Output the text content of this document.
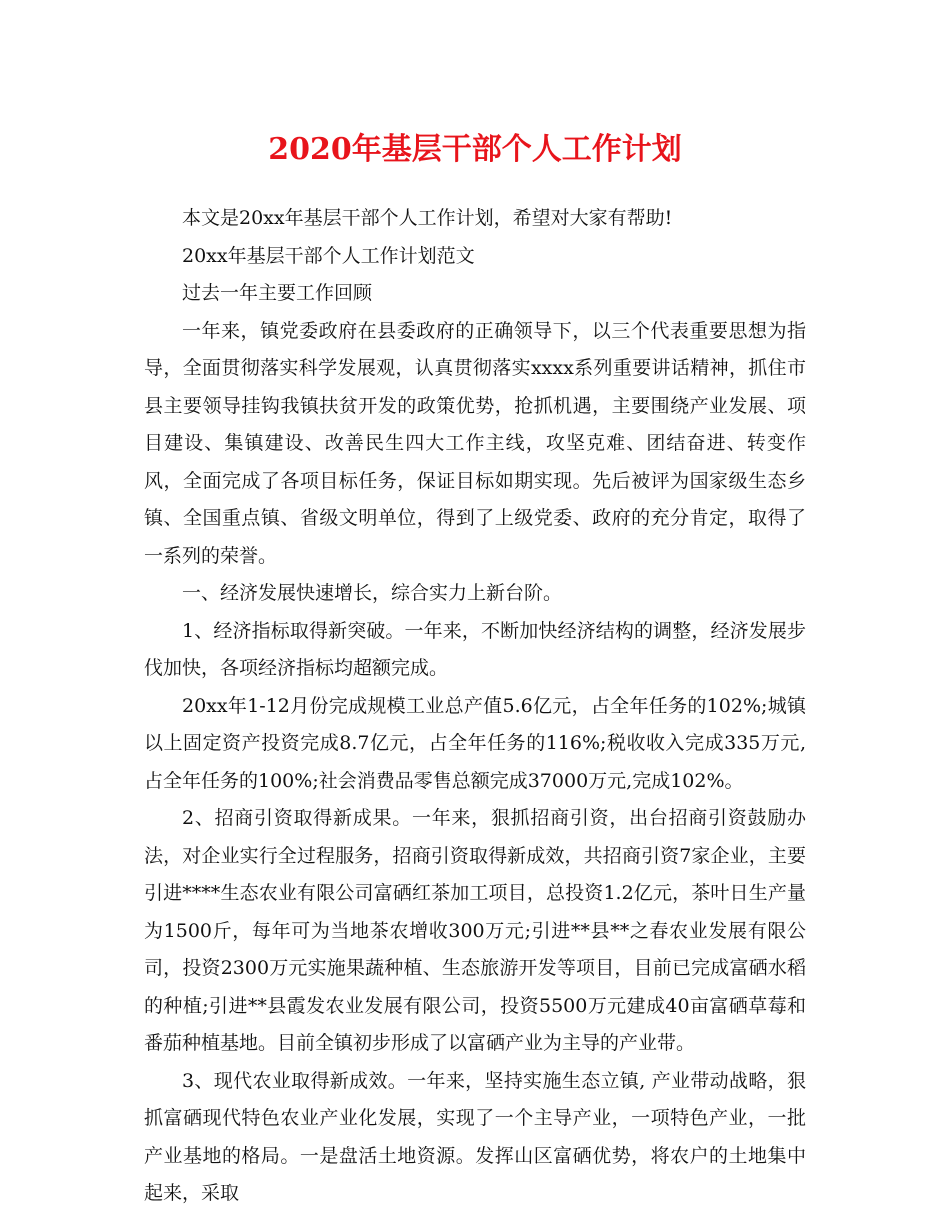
2020年基层干部个人工作计划

本文是20xx年基层干部个人工作计划，希望对大家有帮助!

20xx年基层干部个人工作计划范文

过去一年主要工作回顾

一年来，镇党委政府在县委政府的正确领导下，以三个代表重要思想为指导，全面贯彻落实科学发展观，认真贯彻落实xxxx系列重要讲话精神，抓住市县主要领导挂钩我镇扶贫开发的政策优势，抢抓机遇，主要围绕产业发展、项目建设、集镇建设、改善民生四大工作主线，攻坚克难、团结奋进、转变作风，全面完成了各项目标任务，保证目标如期实现。先后被评为国家级生态乡镇、全国重点镇、省级文明单位，得到了上级党委、政府的充分肯定，取得了一系列的荣誉。

一、经济发展快速增长，综合实力上新台阶。

1、经济指标取得新突破。一年来，不断加快经济结构的调整，经济发展步伐加快，各项经济指标均超额完成。

20xx年1-12月份完成规模工业总产值5.6亿元，占全年任务的102%;城镇以上固定资产投资完成8.7亿元，占全年任务的116%;税收收入完成335万元, 占全年任务的100%;社会消费品零售总额完成37000万元,完成102%。

2、招商引资取得新成果。一年来，狠抓招商引资，出台招商引资鼓励办法，对企业实行全过程服务，招商引资取得新成效，共招商引资7家企业，主要引进****生态农业有限公司富硒红茶加工项目，总投资1.2亿元，茶叶日生产量为1500斤，每年可为当地茶农增收300万元;引进**县**之春农业发展有限公司，投资2300万元实施果蔬种植、生态旅游开发等项目，目前已完成富硒水稻的种植;引进**县霞发农业发展有限公司，投资5500万元建成40亩富硒草莓和番茄种植基地。目前全镇初步形成了以富硒产业为主导的产业带。

3、现代农业取得新成效。一年来，坚持实施生态立镇, 产业带动战略，狠抓富硒现代特色农业产业化发展，实现了一个主导产业，一项特色产业，一批产业基地的格局。一是盘活土地资源。发挥山区富硒优势，将农户的土地集中起来，采取
